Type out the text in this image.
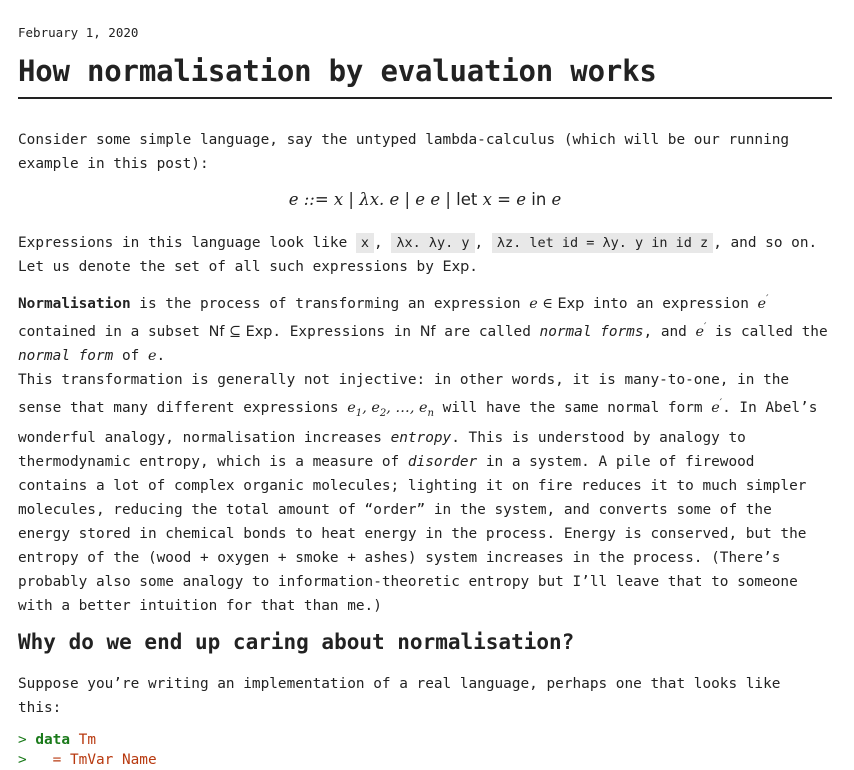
February 1, 2020
How normalisation by evaluation works

Consider some simple language, say the untyped lambda-calculus (which will be our running example in this post):

e ::= x | λx. e | e e | let x = e in e

Expressions in this language look like x , λx. λy. y , λz. let id = λy. y in id z , and so on. Let us denote the set of all such expressions by Exp.

Normalisation is the process of transforming an expression e ∈ Exp into an expression e′ contained in a subset Nf ⊆ Exp. Expressions in Nf are called normal forms, and e′ is called the normal form of e.

This transformation is generally not injective: in other words, it is many-to-one, in the sense that many different expressions $e_1$, $e_2$, …, $e_n$ will have the same normal form e′. In Abel’s wonderful analogy, normalisation increases entropy. This is understood by analogy to thermodynamic entropy, which is a measure of disorder in a system. A pile of firewood contains a lot of complex organic molecules; lighting it on fire reduces it to much simpler molecules, reducing the total amount of “order” in the system, and converts some of the energy stored in chemical bonds to heat energy in the process. Energy is conserved, but the entropy of the (wood + oxygen + smoke + ashes) system increases in the process. (There’s probably also some analogy to information-theoretic entropy but I’ll leave that to someone with a better intuition for that than me.)

Why do we end up caring about normalisation?

Suppose you’re writing an implementation of a real language, perhaps one that looks like this:

> data Tm
> = TmVar Name
